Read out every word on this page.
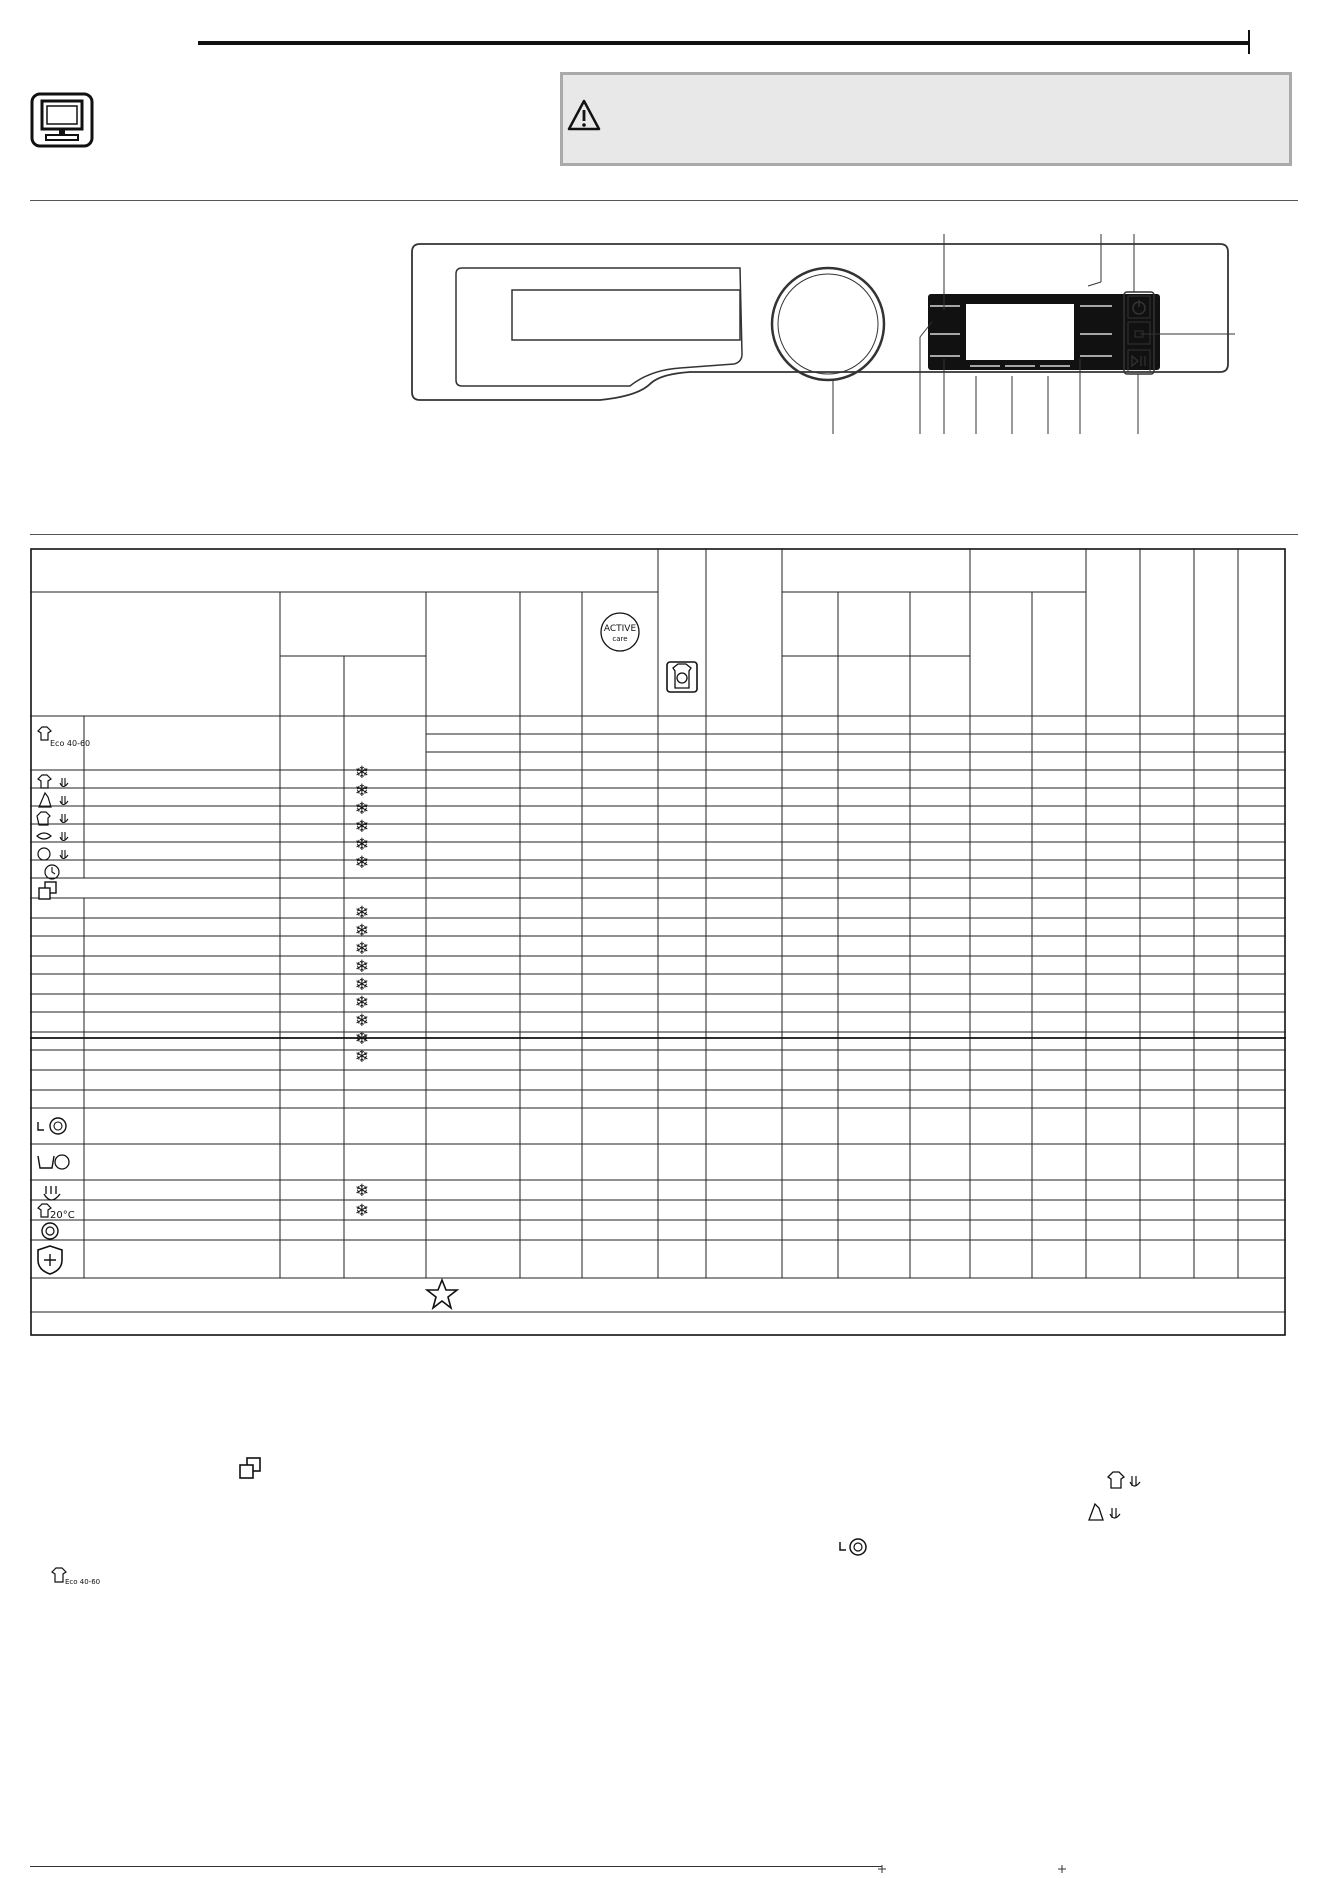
ACTIVE
care
Eco 40-60
20°C
❄
❄
❄
❄
❄
❄
❄
❄
❄
❄
❄
❄
❄
❄
❄
❄
❄
Eco 40-60
